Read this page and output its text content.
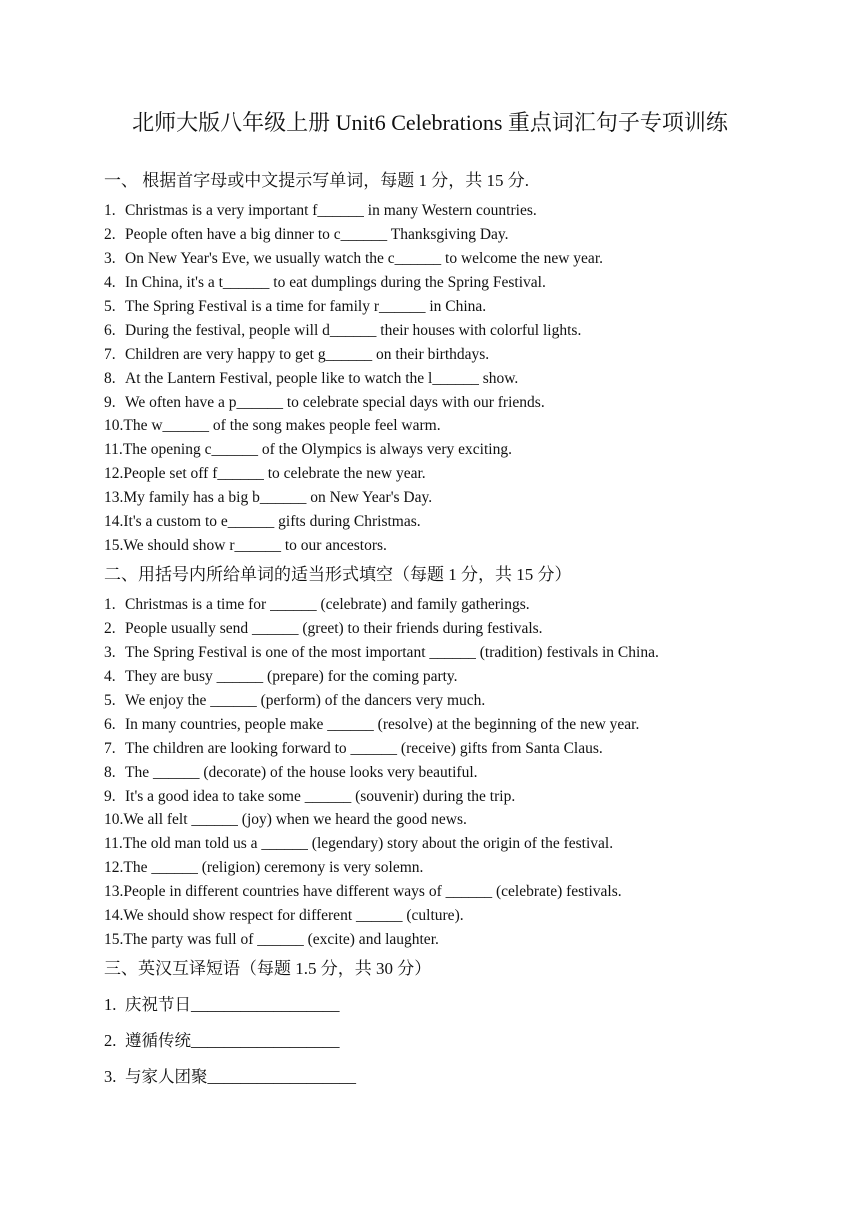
北师大版八年级上册 Unit6 Celebrations 重点词汇句子专项训练
一、 根据首字母或中文提示写单词，每题 1 分，共 15 分.
1. Christmas is a very important f______ in many Western countries.
2. People often have a big dinner to c______ Thanksgiving Day.
3. On New Year's Eve, we usually watch the c______ to welcome the new year.
4. In China, it's a t______ to eat dumplings during the Spring Festival.
5. The Spring Festival is a time for family r______ in China.
6. During the festival, people will d______ their houses with colorful lights.
7. Children are very happy to get g______ on their birthdays.
8. At the Lantern Festival, people like to watch the l______ show.
9. We often have a p______ to celebrate special days with our friends.
10.The w______ of the song makes people feel warm.
11.The opening c______ of the Olympics is always very exciting.
12.People set off f______ to celebrate the new year.
13.My family has a big b______ on New Year's Day.
14.It's a custom to e______ gifts during Christmas.
15.We should show r______ to our ancestors.
二、用括号内所给单词的适当形式填空（每题 1 分，共 15 分）
1. Christmas is a time for ______ (celebrate) and family gatherings.
2. People usually send ______ (greet) to their friends during festivals.
3. The Spring Festival is one of the most important ______ (tradition) festivals in China.
4. They are busy ______ (prepare) for the coming party.
5. We enjoy the ______ (perform) of the dancers very much.
6. In many countries, people make ______ (resolve) at the beginning of the new year.
7. The children are looking forward to ______ (receive) gifts from Santa Claus.
8. The ______ (decorate) of the house looks very beautiful.
9. It's a good idea to take some ______ (souvenir) during the trip.
10.We all felt ______ (joy) when we heard the good news.
11.The old man told us a ______ (legendary) story about the origin of the festival.
12.The ______ (religion) ceremony is very solemn.
13.People in different countries have different ways of ______ (celebrate) festivals.
14.We should show respect for different ______ (culture).
15.The party was full of ______ (excite) and laughter.
三、英汉互译短语（每题 1.5 分，共 30 分）
1. 庆祝节日__________________
2. 遵循传统__________________
3. 与家人团聚__________________
